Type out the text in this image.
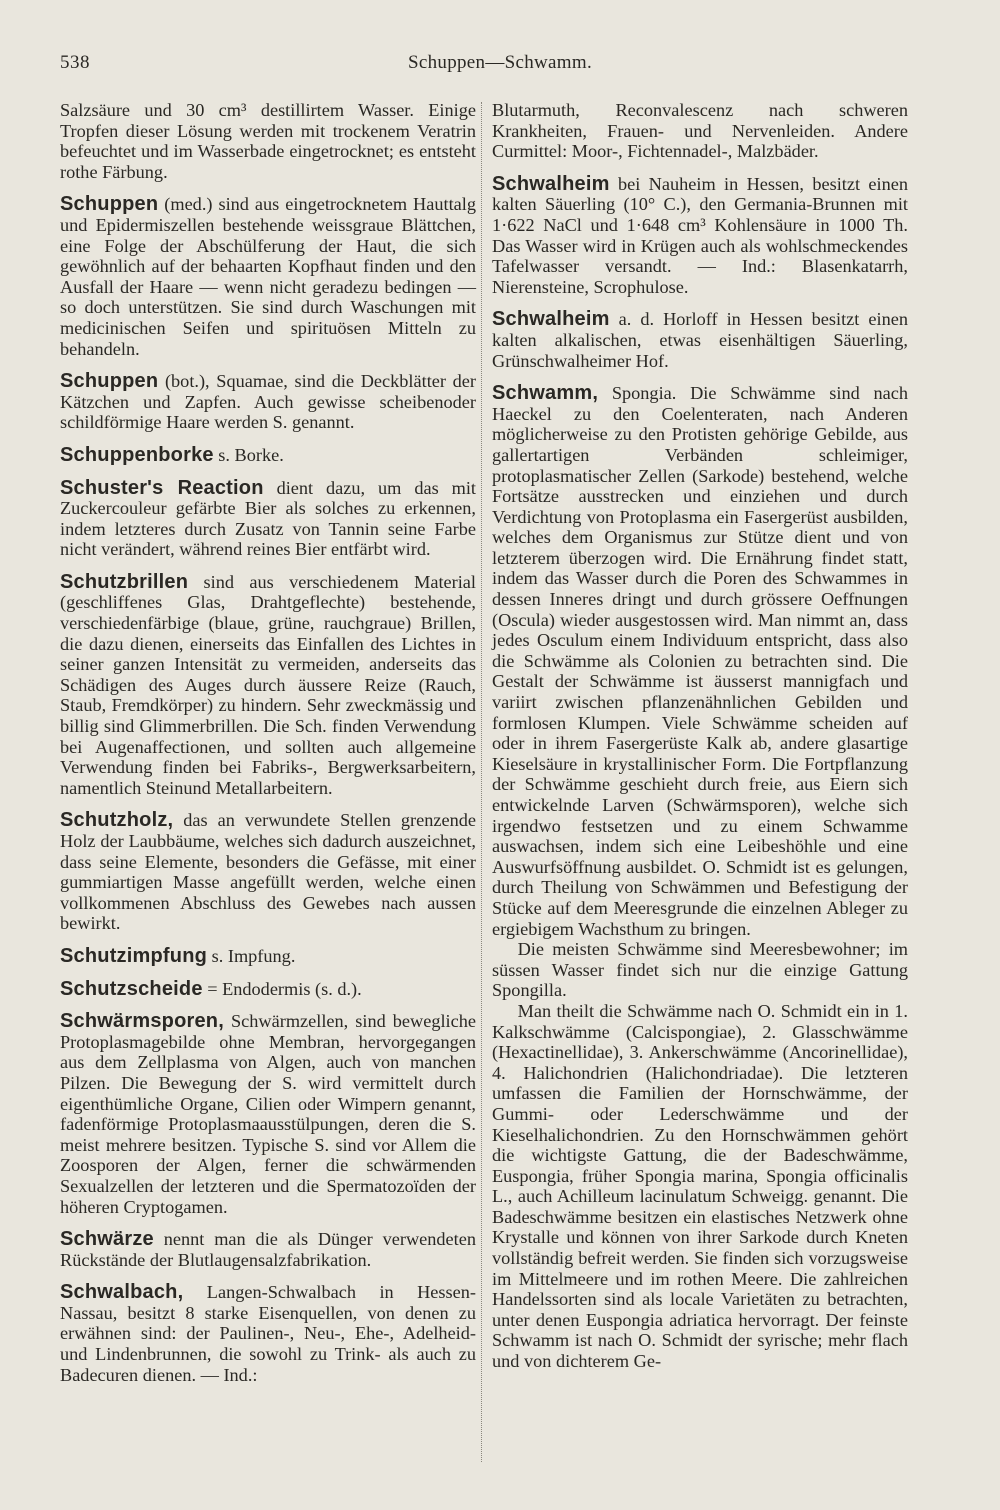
538	Schuppen—Schwamm.

Salzsäure und 30 cm³ destillirtem Wasser. Einige Tropfen dieser Lösung werden mit trockenem Veratrin befeuchtet und im Wasserbade eingetrocknet; es entsteht rothe Färbung.

Schuppen (med.) sind aus eingetrocknetem Hauttalg und Epidermiszellen bestehende weissgraue Blättchen, eine Folge der Abschülferung der Haut, die sich gewöhnlich auf der behaarten Kopfhaut finden und den Ausfall der Haare — wenn nicht geradezu bedingen — so doch unterstützen. Sie sind durch Waschungen mit medicinischen Seifen und spirituösen Mitteln zu behandeln.

Schuppen (bot.), Squamae, sind die Deckblätter der Kätzchen und Zapfen. Auch gewisse scheibenoder schildförmige Haare werden S. genannt.

Schuppenborke s. Borke.

Schuster's Reaction dient dazu, um das mit Zuckercouleur gefärbte Bier als solches zu erkennen, indem letzteres durch Zusatz von Tannin seine Farbe nicht verändert, während reines Bier entfärbt wird.

Schutzbrillen sind aus verschiedenem Material (geschliffenes Glas, Drahtgeflechte) bestehende, verschiedenfärbige (blaue, grüne, rauchgraue) Brillen, die dazu dienen, einerseits das Einfallen des Lichtes in seiner ganzen Intensität zu vermeiden, anderseits das Schädigen des Auges durch äussere Reize (Rauch, Staub, Fremdkörper) zu hindern. Sehr zweckmässig und billig sind Glimmerbrillen. Die Sch. finden Verwendung bei Augenaffectionen, und sollten auch allgemeine Verwendung finden bei Fabriks-, Bergwerksarbeitern, namentlich Steinund Metallarbeitern.

Schutzholz, das an verwundete Stellen grenzende Holz der Laubbäume, welches sich dadurch auszeichnet, dass seine Elemente, besonders die Gefässe, mit einer gummiartigen Masse angefüllt werden, welche einen vollkommenen Abschluss des Gewebes nach aussen bewirkt.

Schutzimpfung s. Impfung.

Schutzscheide = Endodermis (s. d.).

Schwärmsporen, Schwärmzellen, sind bewegliche Protoplasmagebilde ohne Membran, hervorgegangen aus dem Zellplasma von Algen, auch von manchen Pilzen. Die Bewegung der S. wird vermittelt durch eigenthümliche Organe, Cilien oder Wimpern genannt, fadenförmige Protoplasmaausstülpungen, deren die S. meist mehrere besitzen. Typische S. sind vor Allem die Zoosporen der Algen, ferner die schwärmenden Sexualzellen der letzteren und die Spermatozoïden der höheren Cryptogamen.

Schwärze nennt man die als Dünger verwendeten Rückstände der Blutlaugensalzfabrikation.

Schwalbach, Langen-Schwalbach in Hessen-Nassau, besitzt 8 starke Eisenquellen, von denen zu erwähnen sind: der Paulinen-, Neu-, Ehe-, Adelheid- und Lindenbrunnen, die sowohl zu Trink- als auch zu Badecuren dienen. — Ind.:

Blutarmuth, Reconvalescenz nach schweren Krankheiten, Frauen- und Nervenleiden. Andere Curmittel: Moor-, Fichtennadel-, Malzbäder.

Schwalheim bei Nauheim in Hessen, besitzt einen kalten Säuerling (10° C.), den Germania-Brunnen mit 1·622 NaCl und 1·648 cm³ Kohlensäure in 1000 Th. Das Wasser wird in Krügen auch als wohlschmeckendes Tafelwasser versandt. — Ind.: Blasenkatarrh, Nierensteine, Scrophulose.

Schwalheim a. d. Horloff in Hessen besitzt einen kalten alkalischen, etwas eisenhältigen Säuerling, Grünschwalheimer Hof.

Schwamm, Spongia. Die Schwämme sind nach Haeckel zu den Coelenteraten, nach Anderen möglicherweise zu den Protisten gehörige Gebilde, aus gallertartigen Verbänden schleimiger, protoplasmatischer Zellen (Sarkode) bestehend, welche Fortsätze ausstrecken und einziehen und durch Verdichtung von Protoplasma ein Fasergerüst ausbilden, welches dem Organismus zur Stütze dient und von letzterem überzogen wird. Die Ernährung findet statt, indem das Wasser durch die Poren des Schwammes in dessen Inneres dringt und durch grössere Oeffnungen (Oscula) wieder ausgestossen wird. Man nimmt an, dass jedes Osculum einem Individuum entspricht, dass also die Schwämme als Colonien zu betrachten sind. Die Gestalt der Schwämme ist äusserst mannigfach und variirt zwischen pflanzenähnlichen Gebilden und formlosen Klumpen. Viele Schwämme scheiden auf oder in ihrem Fasergerüste Kalk ab, andere glasartige Kieselsäure in krystallinischer Form. Die Fortpflanzung der Schwämme geschieht durch freie, aus Eiern sich entwickelnde Larven (Schwärmsporen), welche sich irgendwo festsetzen und zu einem Schwamme auswachsen, indem sich eine Leibeshöhle und eine Auswurfsöffnung ausbildet. O. Schmidt ist es gelungen, durch Theilung von Schwämmen und Befestigung der Stücke auf dem Meeresgrunde die einzelnen Ableger zu ergiebigem Wachsthum zu bringen.

Die meisten Schwämme sind Meeresbewohner; im süssen Wasser findet sich nur die einzige Gattung Spongilla.

Man theilt die Schwämme nach O. Schmidt ein in 1. Kalkschwämme (Calcispongiae), 2. Glasschwämme (Hexactinellidae), 3. Ankerschwämme (Ancorinellidae), 4. Halichondrien (Halichondriadae). Die letzteren umfassen die Familien der Hornschwämme, der Gummi- oder Lederschwämme und der Kieselhalichondrien. Zu den Hornschwämmen gehört die wichtigste Gattung, die der Badeschwämme, Euspongia, früher Spongia marina, Spongia officinalis L., auch Achilleum lacinulatum Schweigg. genannt. Die Badeschwämme besitzen ein elastisches Netzwerk ohne Krystalle und können von ihrer Sarkode durch Kneten vollständig befreit werden. Sie finden sich vorzugsweise im Mittelmeere und im rothen Meere. Die zahlreichen Handelssorten sind als locale Varietäten zu betrachten, unter denen Euspongia adriatica hervorragt. Der feinste Schwamm ist nach O. Schmidt der syrische; mehr flach und von dichterem Ge-
